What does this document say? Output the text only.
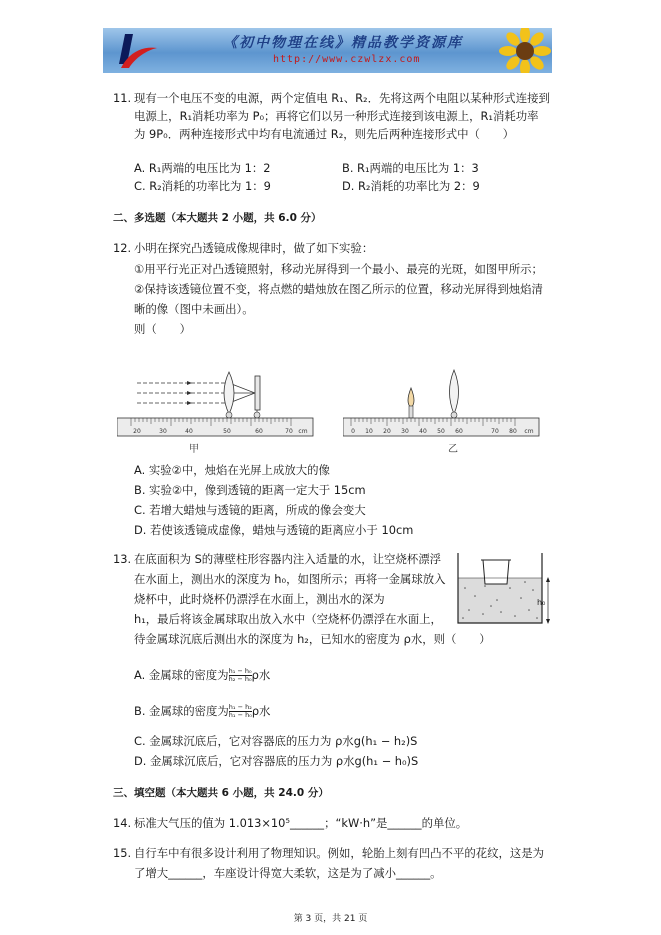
《初中物理在线》精品教学资源库
http://www.czwlzx.com
11. 现有一个电压不变的电源，两个定值电 R₁、R₂．先将这两个电阻以某种形式连接到
电源上，R₁消耗功率为 P₀；再将它们以另一种形式连接到该电源上，R₁消耗功率
为 9P₀．两种连接形式中均有电流通过 R₂，则先后两种连接形式中（　　）
A. R₁两端的电压比为 1：2	B. R₁两端的电压比为 1：3
C. R₂消耗的功率比为 1：9	D. R₂消耗的功率比为 2：9
二、多选题（本大题共 2 小题，共 6.0 分）
12. 小明在探究凸透镜成像规律时，做了如下实验：
①用平行光正对凸透镜照射，移动光屏得到一个最小、最亮的光斑，如图甲所示；
②保持该透镜位置不变，将点燃的蜡烛放在图乙所示的位置，移动光屏得到烛焰清
晰的像（图中未画出）。
则（　　）
20	30	40	50	60	70 cm
甲
0 10 20 30 40 50 60	70 80 cm
乙
A. 实验②中，烛焰在光屏上成放大的像
B. 实验②中，像到透镜的距离一定大于 15cm
C. 若增大蜡烛与透镜的距离，所成的像会变大
D. 若使该透镜成虚像，蜡烛与透镜的距离应小于 10cm
13. 在底面积为 S的薄壁柱形容器内注入适量的水，让空烧杯漂浮
在水面上，测出水的深度为 h₀，如图所示；再将一金属球放入
烧杯中，此时烧杯仍漂浮在水面上，测出水的深为
h₁，最后将该金属球取出放入水中（空烧杯仍漂浮在水面上，
待金属球沉底后测出水的深度为 h₂，已知水的密度为 ρ水，则（　　）
h₀
A. 金属球的密度为 $\frac{\text{h₁ − h₀}}{\text{h₂ − h₀}}$ ρ水
B. 金属球的密度为 $\frac{\text{h₁ − h₂}}{\text{h₁ − h₀}}$ ρ水
C. 金属球沉底后，它对容器底的压力为 ρ水g(h₁ − h₂)S
D. 金属球沉底后，它对容器底的压力为 ρ水g(h₁ − h₀)S
三、填空题（本大题共 6 小题，共 24.0 分）
14. 标准大气压的值为 1.013×10⁵______；“kW·h”是______的单位。
15. 自行车中有很多设计利用了物理知识。例如，轮胎上刻有凹凸不平的花纹，这是为
了增大______，车座设计得宽大柔软，这是为了减小______。
第 3 页，共 21 页
